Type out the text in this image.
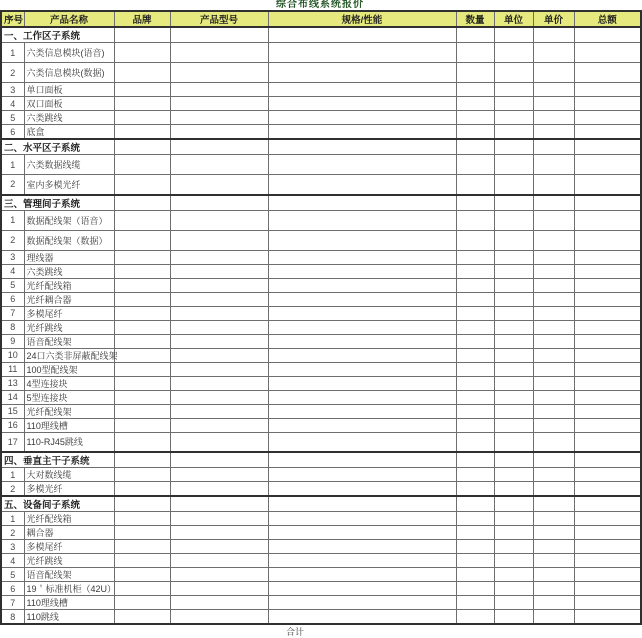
综合布线系统报价
序号	产品名称	品牌	产品型号	规格/性能	数量	单位	单价	总额
一、工作区子系统								
1	六类信息模块(语音)							
2	六类信息模块(数据)							
3	单口面板							
4	双口面板							
5	六类跳线							
6	底盒							
二、水平区子系统								
1	六类数据线缆							
2	室内多模光纤							
三、管理间子系统								
1	数据配线架（语音）							
2	数据配线架（数据）							
3	理线器							
4	六类跳线							
5	光纤配线箱							
6	光纤耦合器							
7	多模尾纤							
8	光纤跳线							
9	语音配线架							
10	24口六类非屏蔽配线架							
11	100型配线架							
13	4型连接块							
14	5型连接块							
15	光纤配线架							
16	110理线槽							
17	110-RJ45跳线							
四、垂直主干子系统								
1	大对数线缆							
2	多模光纤							
五、设备间子系统								
1	光纤配线箱							
2	耦合器							
3	多模尾纤							
4	光纤跳线							
5	语音配线架							
6	19＇标准机柜（42U）							
7	110理线槽							
8	110跳线							
合计
